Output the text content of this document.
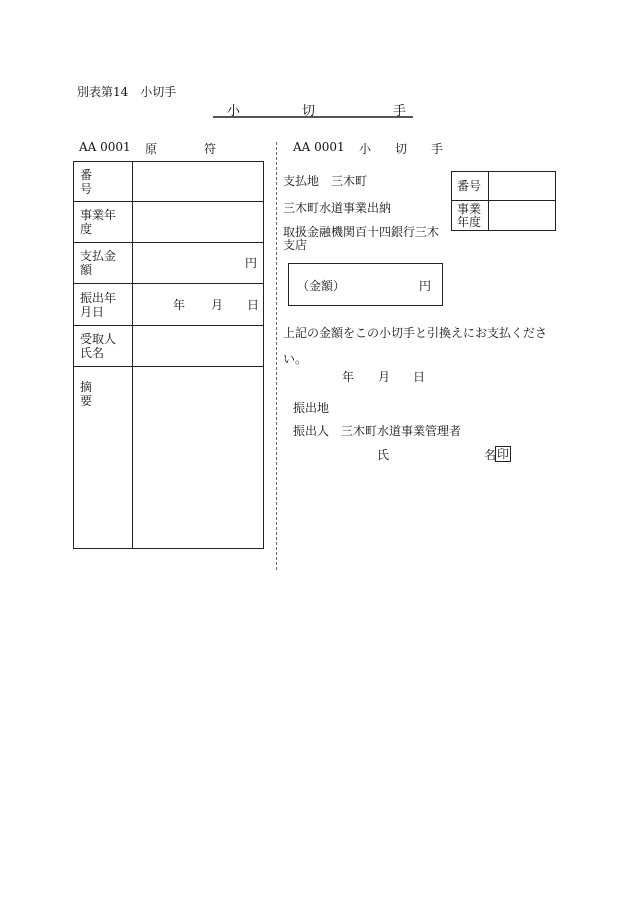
別表第14　小切手
小	切	手
AA 0001 原	符
番　　号	
事業年度	
支払金額	円
振出年月日	年 月 日

受取人氏名	
摘　　要	
AA 0001 小 切 手
支払地　三木町
三木町水道事業出納
取扱金融機関百十四銀行三木支店
番号	
事業年度	
（金額）	円
上記の金額をこの小切手と引換えにお支払ください。
年 月 日
振出地
振出人　三木町水道事業管理者
氏	名 印
